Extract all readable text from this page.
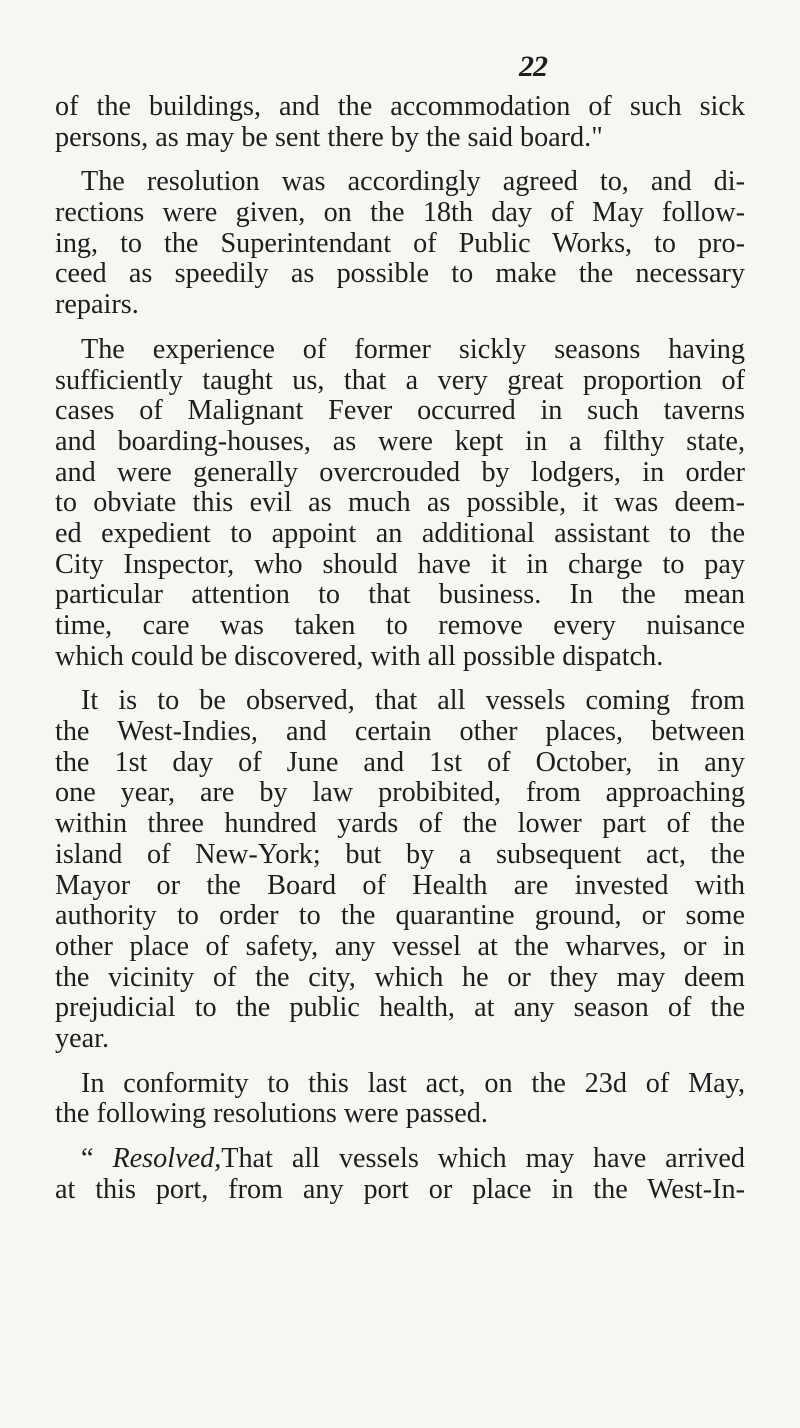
22
of the buildings, and the accommodation of such sick
persons, as may be sent there by the said board."
The resolution was accordingly agreed to, and di-
rections were given, on the 18th day of May follow-
ing, to the Superintendant of Public Works, to pro-
ceed as speedily as possible to make the necessary
repairs.
The experience of former sickly seasons having
sufficiently taught us, that a very great proportion of
cases of Malignant Fever occurred in such taverns
and boarding-houses, as were kept in a filthy state,
and were generally overcrouded by lodgers, in order
to obviate this evil as much as possible, it was deem-
ed expedient to appoint an additional assistant to the
City Inspector, who should have it in charge to pay
particular attention to that business. In the mean
time, care was taken to remove every nuisance
which could be discovered, with all possible dispatch.
It is to be observed, that all vessels coming from
the West-Indies, and certain other places, between
the 1st day of June and 1st of October, in any
one year, are by law probibited, from approaching
within three hundred yards of the lower part of the
island of New-York; but by a subsequent act, the
Mayor or the Board of Health are invested with
authority to order to the quarantine ground, or some
other place of safety, any vessel at the wharves, or in
the vicinity of the city, which he or they may deem
prejudicial to the public health, at any season of the
year.
In conformity to this last act, on the 23d of May,
the following resolutions were passed.
“ Resolved,That all vessels which may have arrived
at this port, from any port or place in the West-In-
